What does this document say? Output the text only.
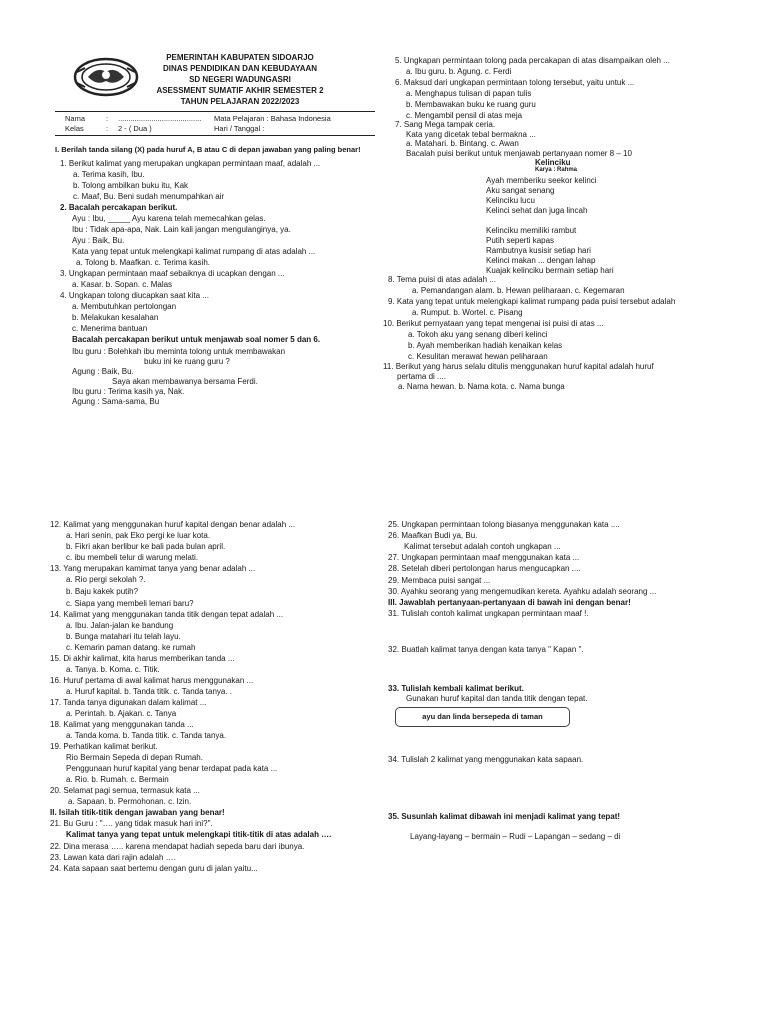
PEMERINTAH KABUPATEN SIDOARJO
DINAS PENDIDIKAN DAN KEBUDAYAAN
SD NEGERI WADUNGASRI
ASESSMENT SUMATIF AKHIR SEMESTER 2
TAHUN PELAJARAN 2022/2023
Nama	: ........................................ Mata Pelajaran : Bahasa Indonesia
Kelas	: 2 - ( Dua )	Hari / Tanggal :
I. Berilah tanda silang (X) pada huruf A, B atau C di depan jawaban yang paling benar!
1. Berikut kalimat yang merupakan ungkapan permintaan maaf, adalah ...
a. Terima kasih, Ibu.
b. Tolong ambilkan buku itu, Kak
c. Maaf, Bu. Beni sudah menumpahkan air
2. Bacalah percakapan berikut.
Ayu : Ibu, _____ Ayu karena telah memecahkan gelas.
Ibu : Tidak apa-apa, Nak. Lain kali jangan mengulanginya, ya.
Ayu : Baik, Bu.
Kata yang tepat untuk melengkapi kalimat rumpang di atas adalah ...
a. Tolong b. Maafkan. c. Terima kasih.
3. Ungkapan permintaan maaf sebaiknya di ucapkan dengan ...
a. Kasar. b. Sopan. c. Malas
4. Ungkapan tolong diucapkan saat kita ...
a. Membutuhkan pertolongan
b. Melakukan kesalahan
c. Menerima bantuan
Bacalah percakapan berikut untuk menjawab soal nomer 5 dan 6.
Ibu guru : Bolehkah ibu meminta tolong untuk membawakan
buku ini ke ruang guru ?
Agung : Baik, Bu.
Saya akan membawanya bersama Ferdi.
Ibu guru : Terima kasih ya, Nak.
Agung : Sama-sama, Bu
5. Ungkapan permintaan tolong pada percakapan di atas disampaikan oleh ...
a. Ibu guru. b. Agung. c. Ferdi
6. Maksud dari ungkapan permintaan tolong tersebut, yaitu untuk ...
a. Menghapus tulisan di papan tulis
b. Membawakan buku ke ruang guru
c. Mengambil pensil di atas meja
7. Sang Mega tampak ceria.
Kata yang dicetak tebal bermakna ...
a. Matahari. b. Bintang. c. Awan
Bacalah puisi berikut untuk menjawab pertanyaan nomer 8 – 10
Kelinciku
Karya : Rahma
Ayah memberiku seekor kelinci
Aku sangat senang
Kelinciku lucu
Kelinci sehat dan juga lincah
Kelinciku memiliki rambut
Putih seperti kapas
Rambutnya kusisir setiap hari
Kelinci makan ... dengan lahap
Kuajak kelinciku bermain setiap hari
8. Tema puisi di atas adalah ...
a. Pemandangan alam. b. Hewan peliharaan. c. Kegemaran
9. Kata yang tepat untuk melengkapi kalimat rumpang pada puisi tersebut adalah
a. Rumput. b. Wortel. c. Pisang
10. Berikut pernyataan yang tepat mengenai isi puisi di atas ...
a. Tokoh aku yang senang diberi kelinci
b. Ayah memberikan hadiah kenaikan kelas
c. Kesulitan merawat hewan peliharaan
11. Berikut yang harus selalu ditulis menggunakan huruf kapital adalah huruf
pertama di ....
a. Nama hewan. b. Nama kota. c. Nama bunga
12. Kalimat yang menggunakan huruf kapital dengan benar adalah ...
a. Hari senin, pak Eko pergi ke luar kota.
b. Fikri akan berlibur ke bali pada bulan april.
c. ibu membeli telur di warung melati.
13. Yang merupakan kamimat tanya yang benar adalah ...
a. Rio pergi sekolah ?.
b. Baju kakek putih?
c. Siapa yang membeli lemari baru?
14. Kalimat yang menggunakan tanda titik dengan tepat adalah ...
a. Ibu. Jalan-jalan ke bandung
b. Bunga matahari itu telah layu.
c. Kemarin paman datang. ke rumah
15. Di akhir kalimat, kita harus memberikan tanda ...
a. Tanya. b. Koma. c. Titik.
16. Huruf pertama di awal kalimat harus menggunakan ...
a. Huruf kapital. b. Tanda titik. c. Tanda tanya. .
17. Tanda tanya digunakan dalam kalimat ...
a. Perintah. b. Ajakan. c. Tanya
18. Kalimat yang menggunakan tanda ...
a. Tanda koma. b. Tanda titik. c. Tanda tanya.
19. Perhatikan kalimat berikut.
Rio Bermain Sepeda di depan Rumah.
Penggunaan huruf kapital yang benar terdapat pada kata ...
a. Rio. b. Rumah. c. Bermain
20. Selamat pagi semua, termasuk kata ...
a. Sapaan. b. Permohonan. c. Izin.
II. Isilah titik-titik dengan jawaban yang benar!
21. Bu Guru : "…. yang tidak masuk hari ini?".
Kalimat tanya yang tepat untuk melengkapi titik-titik di atas adalah ….
22. Dina merasa ….. karena mendapat hadiah sepeda baru dari ibunya.
23. Lawan kata dari rajin adalah ….
24. Kata sapaan saat bertemu dengan guru di jalan yaitu...
25. Ungkapan permintaan tolong biasanya menggunakan kata ....
26. Maafkan Budi ya, Bu.
Kalimat tersebut adalah contoh ungkapan ...
27. Ungkapan permintaan maaf menggunakan kata ...
28. Setelah diberi pertolongan harus mengucapkan ....
29. Membaca puisi sangat ...
30. Ayahku seorang yang mengemudikan kereta. Ayahku adalah seorang ...
III. Jawablah pertanyaan-pertanyaan di bawah ini dengan benar!
31. Tulislah contoh kalimat ungkapan permintaan maaf !.
32. Buatlah kalimat tanya dengan kata tanya " Kapan ".
33. Tulislah kembali kalimat berikut.
Gunakan huruf kapital dan tanda titik dengan tepat.
ayu dan linda bersepeda di taman
34. Tulislah 2 kalimat yang menggunakan kata sapaan.
35. Susunlah kalimat dibawah ini menjadi kalimat yang tepat!
Layang-layang – bermain – Rudi – Lapangan – sedang – di
